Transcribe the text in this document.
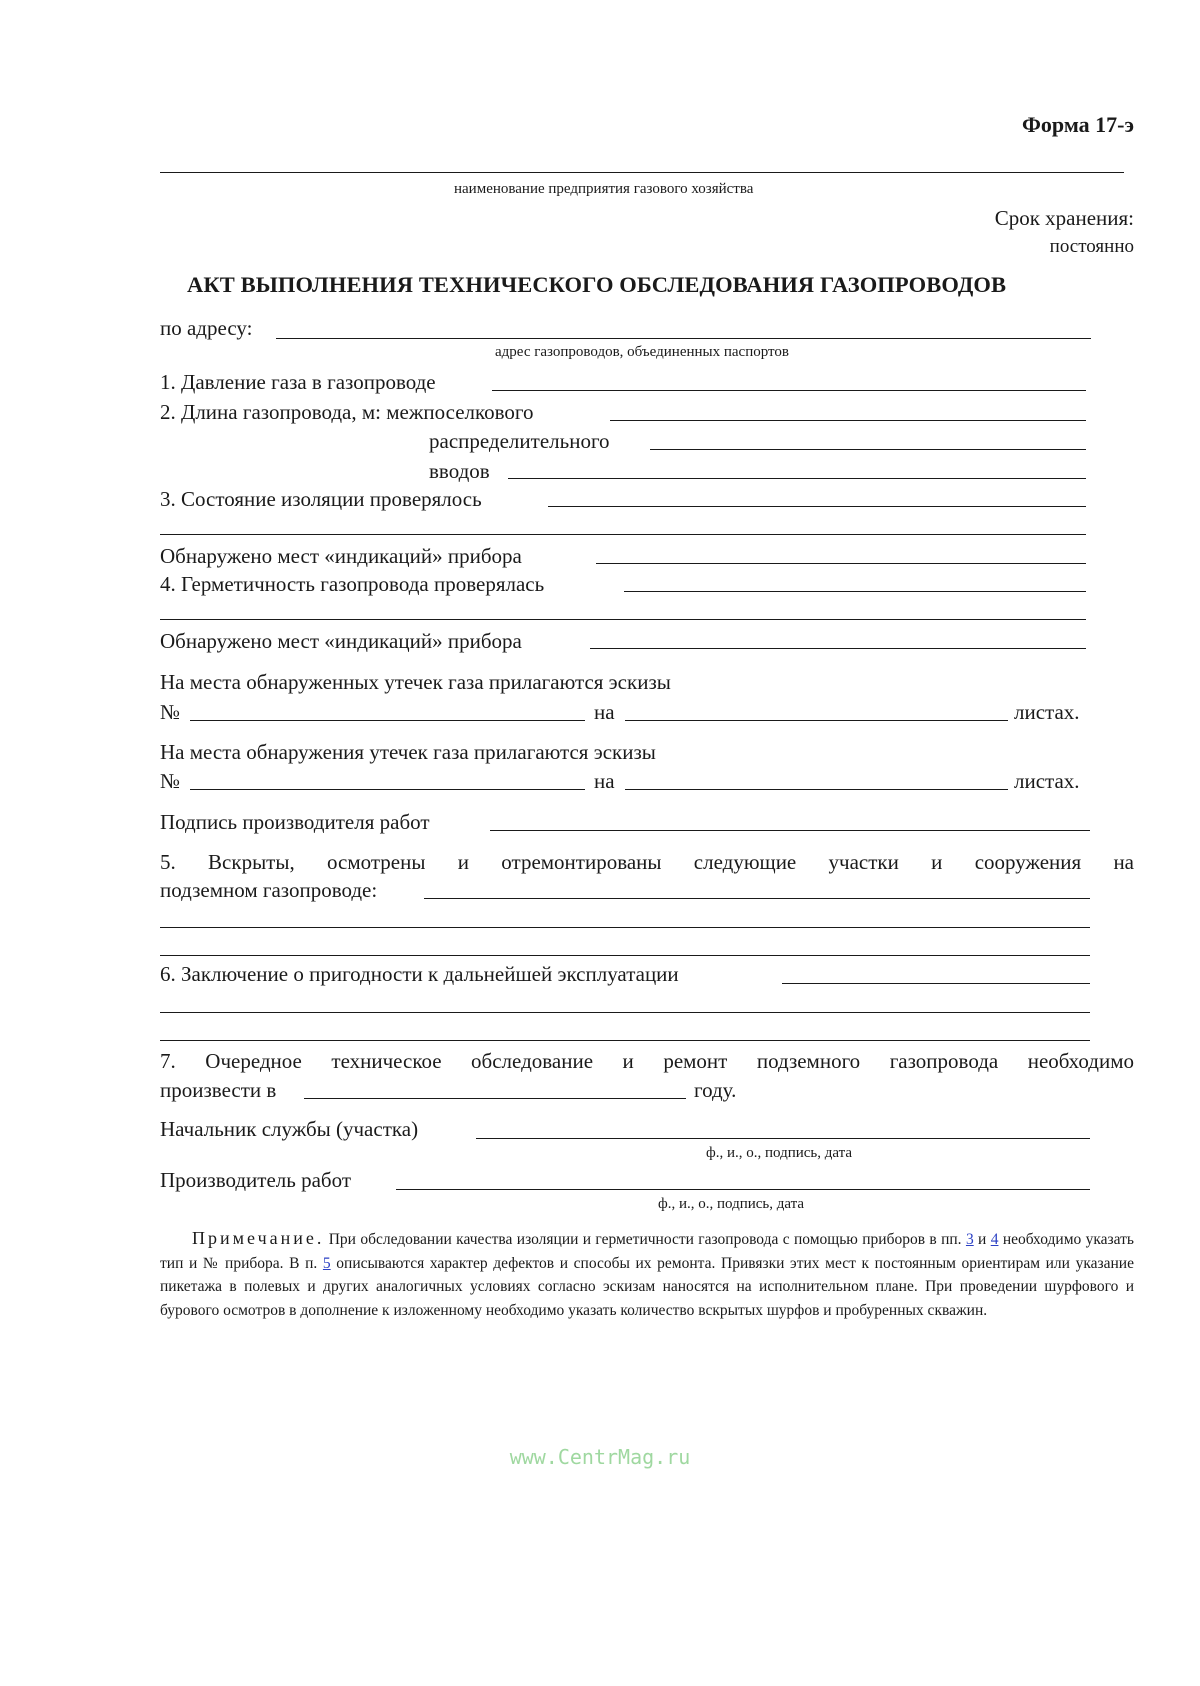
Форма 17-э
наименование предприятия газового хозяйства
Срок хранения:
постоянно
АКТ ВЫПОЛНЕНИЯ ТЕХНИЧЕСКОГО ОБСЛЕДОВАНИЯ ГАЗОПРОВОДОВ
по адресу:
адрес газопроводов, объединенных паспортов
1. Давление газа в газопроводе
2. Длина газопровода, м: межпоселкового
распределительного
вводов
3. Состояние изоляции проверялось
Обнаружено мест «индикаций» прибора
4. Герметичность газопровода проверялась
Обнаружено мест «индикаций» прибора
На места обнаруженных утечек газа прилагаются эскизы
№	на	листах.
На места обнаружения утечек газа прилагаются эскизы
№	на	листах.
Подпись производителя работ
5. Вскрыты, осмотрены и отремонтированы следующие участки и сооружения на
подземном газопроводе:
6. Заключение о пригодности к дальнейшей эксплуатации
7. Очередное техническое обследование и ремонт подземного газопровода необходимо
произвести в	году.
Начальник службы (участка)
ф., и., о., подпись, дата
Производитель работ
ф., и., о., подпись, дата
Примечание. При обследовании качества изоляции и герметичности газопровода с помощью приборов в пп. 3 и 4 необходимо указать тип и № прибора. В п. 5 описываются характер дефектов и способы их ремонта. Привязки этих мест к постоянным ориентирам или указание пикетажа в полевых и других аналогичных условиях согласно эскизам наносятся на исполнительном плане. При проведении шурфового и бурового осмотров в дополнение к изложенному необходимо указать количество вскрытых шурфов и пробуренных скважин.
www.CentrMag.ru
